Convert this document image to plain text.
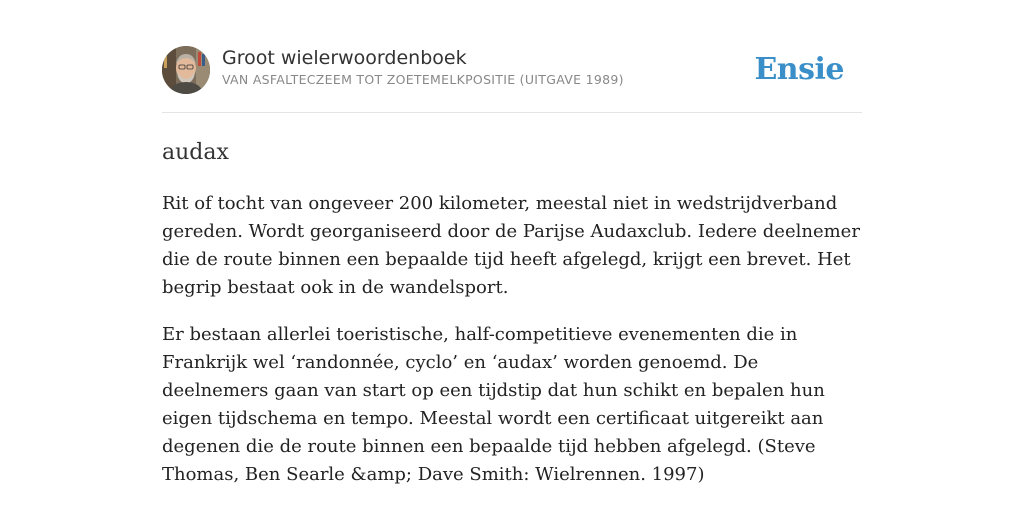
Groot wielerwoordenboek
VAN ASFALTECZEEM TOT ZOETEMELKPOSITIE (UITGAVE 1989)	Ensie
audax

Rit of tocht van ongeveer 200 kilometer, meestal niet in wedstrijdverband gereden. Wordt georganiseerd door de Parijse Audaxclub. Iedere deelnemer die de route binnen een bepaalde tijd heeft afgelegd, krijgt een brevet. Het begrip bestaat ook in de wandelsport.

Er bestaan allerlei toeristische, half-competitieve evenementen die in Frankrijk wel ‘randonnée, cyclo’ en ‘audax’ worden genoemd. De deelnemers gaan van start op een tijdstip dat hun schikt en bepalen hun eigen tijdschema en tempo. Meestal wordt een certificaat uitgereikt aan degenen die de route binnen een bepaalde tijd hebben afgelegd. (Steve Thomas, Ben Searle &amp; Dave Smith: Wielrennen. 1997)
